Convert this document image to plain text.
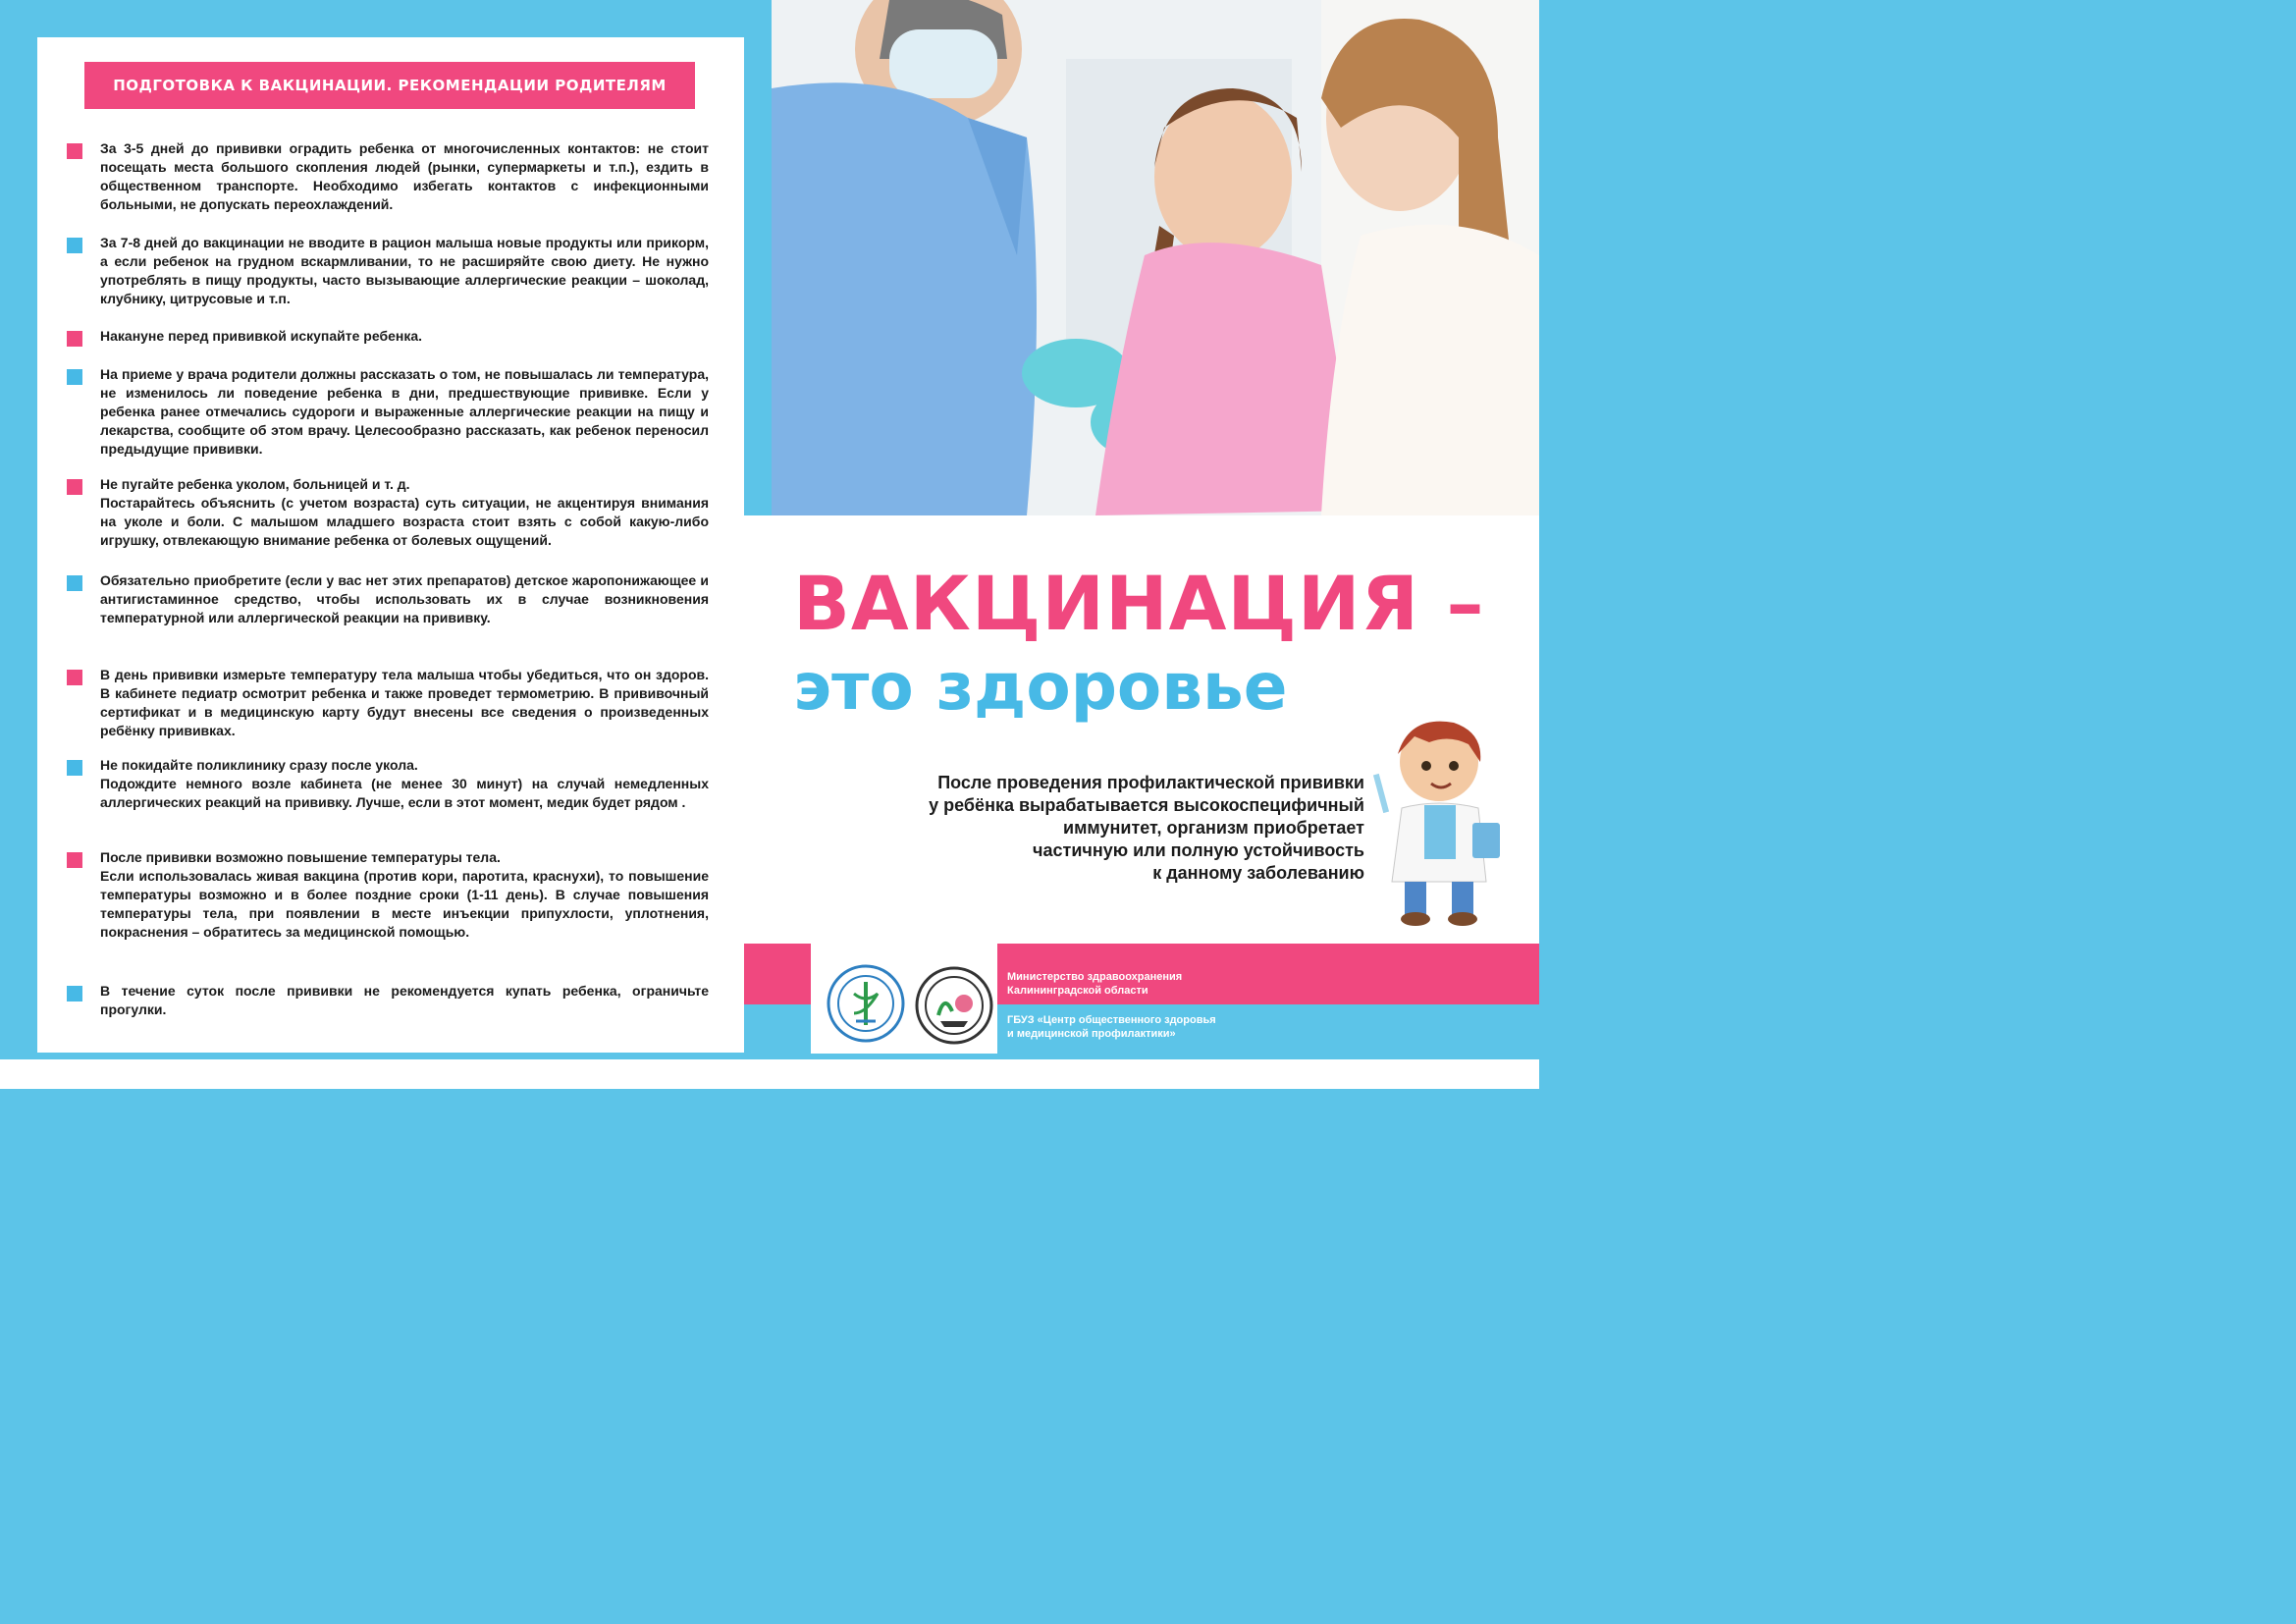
ПОДГОТОВКА К ВАКЦИНАЦИИ. РЕКОМЕНДАЦИИ РОДИТЕЛЯМ
За 3-5 дней до прививки оградить ребенка от многочисленных контактов: не стоит посещать места большого скопления людей (рынки, супермаркеты и т.п.), ездить в общественном транспорте. Необходимо избегать контактов с инфекционными больными, не допускать переохлаждений.
За 7-8 дней до вакцинации не вводите в рацион малыша новые продукты или прикорм, а если ребенок на грудном вскармливании, то не расширяйте свою диету. Не нужно употреблять в пищу продукты, часто вызывающие аллергические реакции – шоколад, клубнику, цитрусовые и т.п.
Накануне перед прививкой искупайте ребенка.
На приеме у врача родители должны рассказать о том, не повышалась ли температура, не изменилось ли поведение ребенка в дни, предшествующие прививке. Если у ребенка ранее отмечались судороги и выраженные аллергические реакции на пищу и лекарства, сообщите об этом врачу. Целесообразно рассказать, как ребенок переносил предыдущие прививки.
Не пугайте ребенка уколом, больницей и т. д.
Постарайтесь объяснить (с учетом возраста) суть ситуации, не акцентируя внимания на уколе и боли. С малышом младшего возраста стоит взять с собой какую-либо игрушку, отвлекающую внимание ребенка от болевых ощущений.
Обязательно приобретите (если у вас нет этих препаратов) детское жаропонижающее и антигистаминное средство, чтобы использовать их в случае возникновения температурной или аллергической реакции на прививку.
В день прививки измерьте температуру тела малыша чтобы убедиться, что он здоров. В кабинете педиатр осмотрит ребенка и также проведет термометрию. В прививочный сертификат и в медицинскую карту будут внесены все сведения о произведенных ребёнку прививках.
Не покидайте поликлинику сразу после укола.
Подождите немного возле кабинета (не менее 30 минут) на случай немедленных аллергических реакций на прививку. Лучше, если в этот момент, медик будет рядом .
После прививки возможно повышение температуры тела.
Если использовалась живая вакцина (против кори, паротита, краснухи), то повышение температуры возможно и в более поздние сроки (1-11 день). В случае повышения температуры тела, при появлении в месте инъекции припухлости, уплотнения, покраснения – обратитесь за медицинской помощью.
В течение суток после прививки не рекомендуется купать ребенка, ограничьте прогулки.
ВАКЦИНАЦИЯ –
это здоровье
После проведения профилактической прививки
у ребёнка вырабатывается высокоспецифичный
иммунитет, организм приобретает
частичную или полную устойчивость
к данному заболеванию
Министерство здравоохранения
Калининградской области
ГБУЗ «Центр общественного здоровья
и медицинской профилактики»
